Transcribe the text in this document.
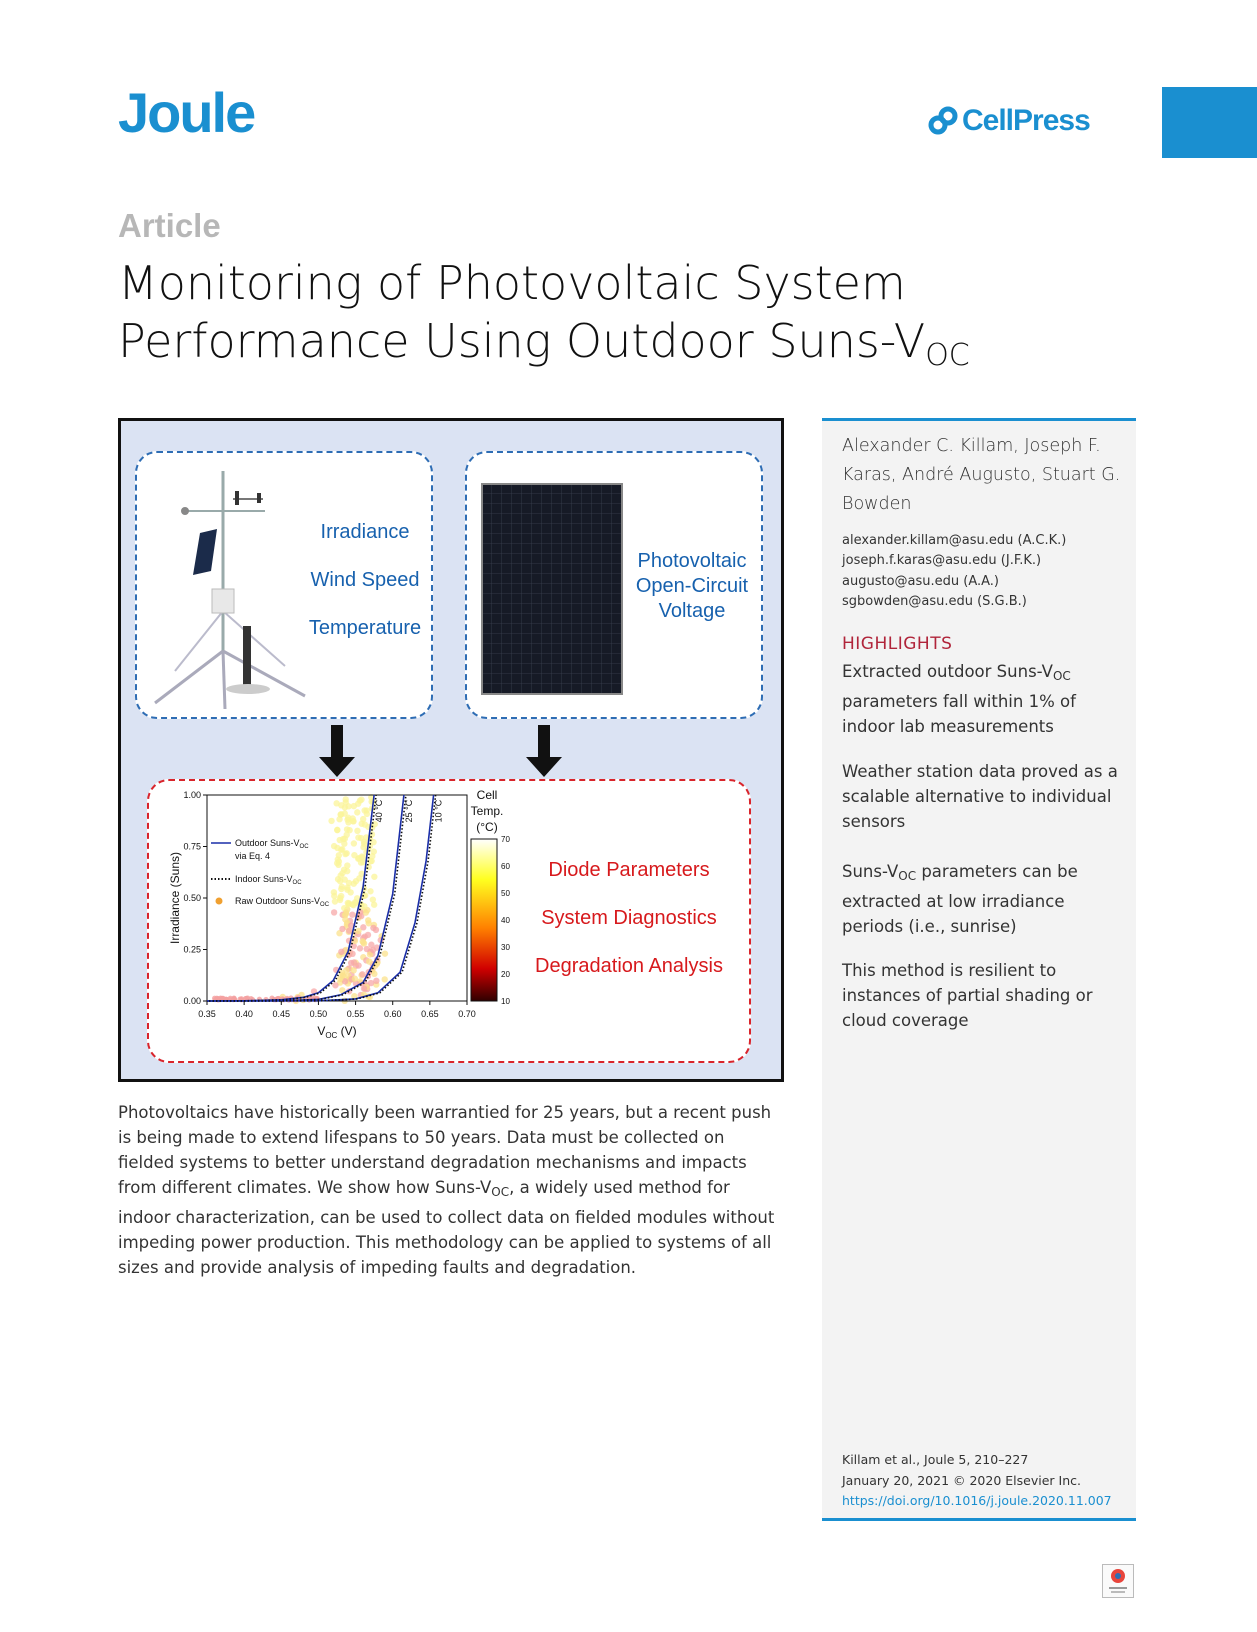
Joule	CellPress
Article
Monitoring of Photovoltaic System
Performance Using Outdoor Suns-$V_{OC}$
Irradiance
Wind Speed
Temperature
Photovoltaic
Open-Circuit
Voltage
40 °C 25 °C 10 °C
0.35 0.40 0.45 0.50 0.55 0.60 0.65 0.70
0.00
0.25
0.50
0.75
1.00
$V_{OC}$ (V)
Irradiance (Suns)
Outdoor Suns-$V_{OC}$
via Eq. 4
Indoor Suns-$V_{OC}$
Raw Outdoor Suns-$V_{OC}$
70
60
50
40
30
20
10
Cell
Temp.
(°C)
Diode Parameters
System Diagnostics
Degradation Analysis
Alexander C. Killam, Joseph F. Karas, André Augusto, Stuart G. Bowden
alexander.killam@asu.edu (A.C.K.)
joseph.f.karas@asu.edu (J.F.K.)
augusto@asu.edu (A.A.)
sgbowden@asu.edu (S.G.B.)
HIGHLIGHTS
Extracted outdoor Suns-$V_{OC}$ parameters fall within 1% of indoor lab measurements
Weather station data proved as a scalable alternative to individual sensors
Suns-$V_{OC}$ parameters can be extracted at low irradiance periods (i.e., sunrise)
This method is resilient to instances of partial shading or cloud coverage
Killam et al., Joule 5, 210–227
January 20, 2021 © 2020 Elsevier Inc.
https://doi.org/10.1016/j.joule.2020.11.007
Photovoltaics have historically been warrantied for 25 years, but a recent push is being made to extend lifespans to 50 years. Data must be collected on fielded systems to better understand degradation mechanisms and impacts from different climates. We show how Suns-$V_{OC}$, a widely used method for indoor characterization, can be used to collect data on fielded modules without impeding power production. This methodology can be applied to systems of all sizes and provide analysis of impeding faults and degradation.
